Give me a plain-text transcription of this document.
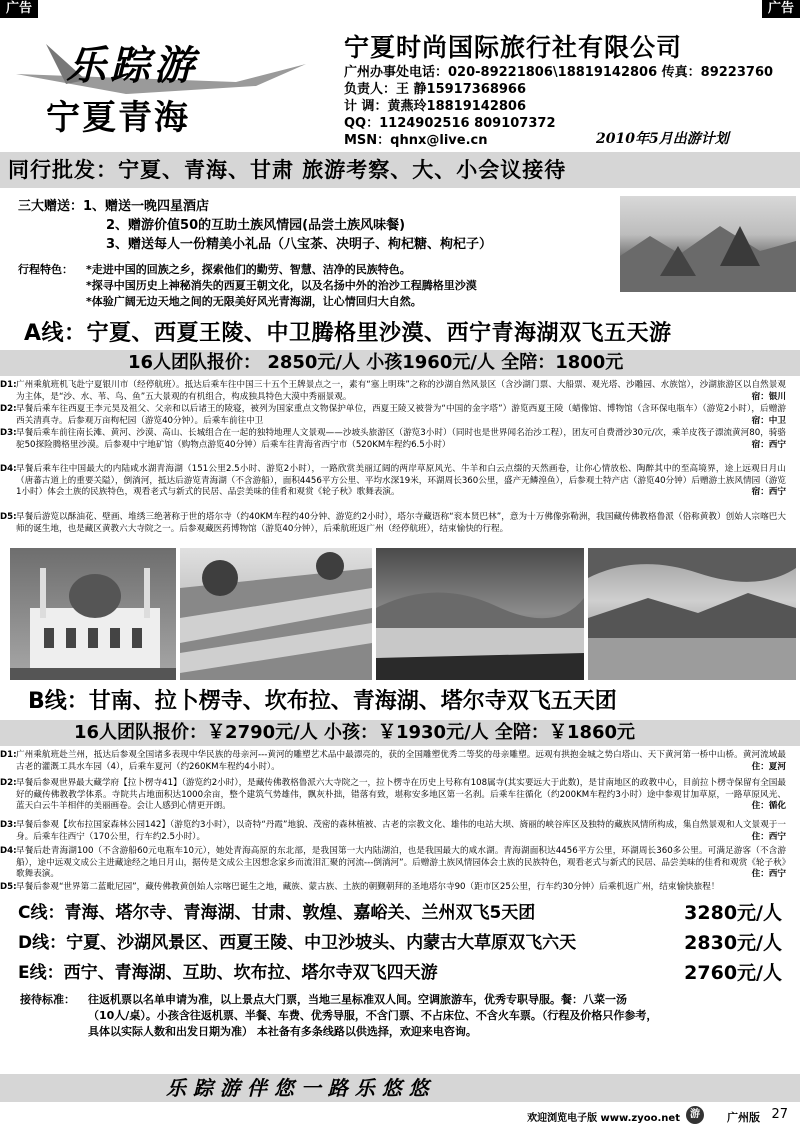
广告	广告
乐踪游
宁夏青海
宁夏时尚国际旅行社有限公司
广州办事处电话：020-89221806\18819142806 传真：89223760
负责人：王 静15917368966
计 调：黄燕玲18819142806
QQ：1124902516 809107372
MSN：qhnx@live.cn	2010年5月出游计划
同行批发：宁夏、青海、甘肃 旅游考察、大、小会议接待
三大赠送：1、赠送一晚四星酒店
2、赠游价值50的互助土族风情园(品尝土族风味餐)
3、赠送每人一份精美小礼品（八宝茶、决明子、枸杞糖、枸杞子）
行程特色： *走进中国的回族之乡，探索他们的勤劳、智慧、洁净的民族特色。
*探寻中国历史上神秘消失的西夏王朝文化，以及名扬中外的治沙工程腾格里沙漠
*体验广阔无边天地之间的无限美好风光青海湖，让心情回归大自然。
A线：宁夏、西夏王陵、中卫腾格里沙漠、西宁青海湖双飞五天游
16人团队报价： 2850元/人 小孩1960元/人 全陪：1800元
D1: 广州乘航班机飞赴宁夏银川市（经停航班）。抵达后乘车往中国三十五个王牌景点之一，素有“塞上明珠”之称的沙湖自然风景区（含沙湖门票、大船票、观光塔、沙雕园、水族馆），沙湖旅游区以自然景观为主体，是“沙、水、苇、鸟、鱼”五大景观的有机组合，构成独具特色大漠中秀丽景观。	宿：银川
D2: 早餐后乘车往西夏王李元昊及祖父、父亲和以后诸王的陵寝，被列为国家重点文物保护单位，西夏王陵又被誉为“中国的金字塔”）游览西夏王陵（蜡像馆、博物馆（含环保电瓶车）（游览2小时），后赠游西关清真寺。后参观万亩枸杞园（游览40分钟）。后乘车前往中卫	宿：中卫
D3: 早餐后乘车前往南长滩、黄河、沙漠、高山、长城组合在一起的独特地理人文景观——沙坡头旅游区（游览3小时）（同时也是世界闻名治沙工程），团友可自费滑沙30元/次，乘羊皮筏子漂流黄河80，骑骆驼50探险腾格里沙漠。后参观中宁地矿馆（购物点游览40分钟）后乘车往青海省西宁市（520KM车程约6.5小时）	宿：西宁
D4: 早餐后乘车往中国最大的内陆咸水湖青海湖（151公里2.5小时、游览2小时），一路欣赏美丽辽阔的两岸草原风光、牛羊和白云点缀的天然画卷，让你心情放松、陶醉其中的至高境界，途上远观日月山（唐蕃古道上的重要关隘），倒淌河，抵达后游览青海湖（不含游船），面积4456平方公里、平均水深19米，环湖周长360公里，盛产无鳞湟鱼），后参观土特产店（游览40分钟）后赠游土族风情园（游览1小时）体会土族的民族特色，观看老式与新式的民居、品尝美味的佳肴和观赏《轮子秋》歌舞表演。	宿：西宁
D5: 早餐后游览以酥油花、壁画、堆绣三绝著称于世的塔尔寺（约40KM车程约40分钟、游览约2小时），塔尔寺藏语称“衮本贤巴林”，意为十万佛像弥勒洲，我国藏传佛教格鲁派（俗称黄教）创始人宗喀巴大师的诞生地，也是藏区黄教六大寺院之一。后参观藏医药博物馆（游览40分钟），后乘航班返广州（经停航班），结束愉快的行程。
B线：甘南、拉卜楞寺、坎布拉、青海湖、塔尔寺双飞五天团
16人团队报价：￥2790元/人 小孩：￥1930元/人 全陪：￥1860元
D1: 广州乘航班赴兰州，抵达后参观全国诸多表现中华民族的母亲河---黄河的雕塑艺术品中最漂亮的，获的全国雕塑优秀二等奖的母亲雕塑。远观有拱抱金城之势白塔山、天下黄河第一桥中山桥。黄河流域最古老的灌溉工具水车园（4），后乘车夏河（约260KM车程约4小时）。	住：夏河
D2: 早餐后参观世界最大藏学府【拉卜楞寺41】（游览约2小时），是藏传佛教格鲁派六大寺院之一，拉卜楞寺在历史上号称有108属寺(其实要远大于此数)，是甘南地区的政教中心，目前拉卜楞寺保留有全国最好的藏传佛教教学体系。寺院共占地面积达1000余亩，整个建筑气势雄伟，飘灰朴拙，错落有致，堪称安多地区第一名刹。后乘车往循化（约200KM车程约3小时）途中参观甘加草原，一路草原风光、蓝天白云牛羊相伴的美丽画卷。会让人感到心情更开朗。	住：循化
D3: 早餐后参观【坎布拉国家森林公园142】（游览约3小时），以奇特“丹霞”地貌、茂密的森林植被、古老的宗教文化、雄伟的电站大坝、旖丽的峡谷库区及独特的藏族风情所构成，集自然景观和人文景观于一身。后乘车往西宁（170公里，行车约2.5小时）。	住：西宁
D4: 早餐后赴青海湖100（不含游船60元电瓶车10元），她处青海高原的东北部，是我国第一大内陆湖泊，也是我国最大的咸水湖。青海湖面积达4456平方公里，环湖周长360多公里。可满足游客（不含游船），途中远观文成公主进藏途经之地日月山，据传是文成公主因想念家乡而流泪汇聚的河流---倒淌河”。后赠游土族风情园体会土族的民族特色，观看老式与新式的民居、品尝美味的佳肴和观赏《轮子秋》歌舞表演。	住：西宁
D5: 早餐后参观“世界第二蓝毗尼园”，藏传佛教黄创始人宗喀巴诞生之地，藏族、蒙古族、土族的朝觐朝拜的圣地塔尔寺90（距市区25公里，行车约30分钟）后乘机返广州，结束愉快旅程！
C线：青海、塔尔寺、青海湖、甘肃、敦煌、嘉峪关、兰州双飞5天团	3280元/人
D线：宁夏、沙湖风景区、西夏王陵、中卫沙坡头、内蒙古大草原双飞六天	2830元/人
E线：西宁、青海湖、互助、坎布拉、塔尔寺双飞四天游	2760元/人
接待标准： 往返机票以名单申请为准，以上景点大门票，当地三星标准双人间。空调旅游车，优秀专职导服。餐：八菜一汤
（10人/桌）。小孩含往返机票、半餐、车费、优秀导服，不含门票、不占床位、不含火车票。（行程及价格只作参考，
具体以实际人数和出发日期为准） 本社备有多条线路以供选择，欢迎来电咨询。
乐 踪 游 伴 您 一 路 乐 悠 悠
欢迎浏览电子版 www.zyoo.net	游	广州版 27
